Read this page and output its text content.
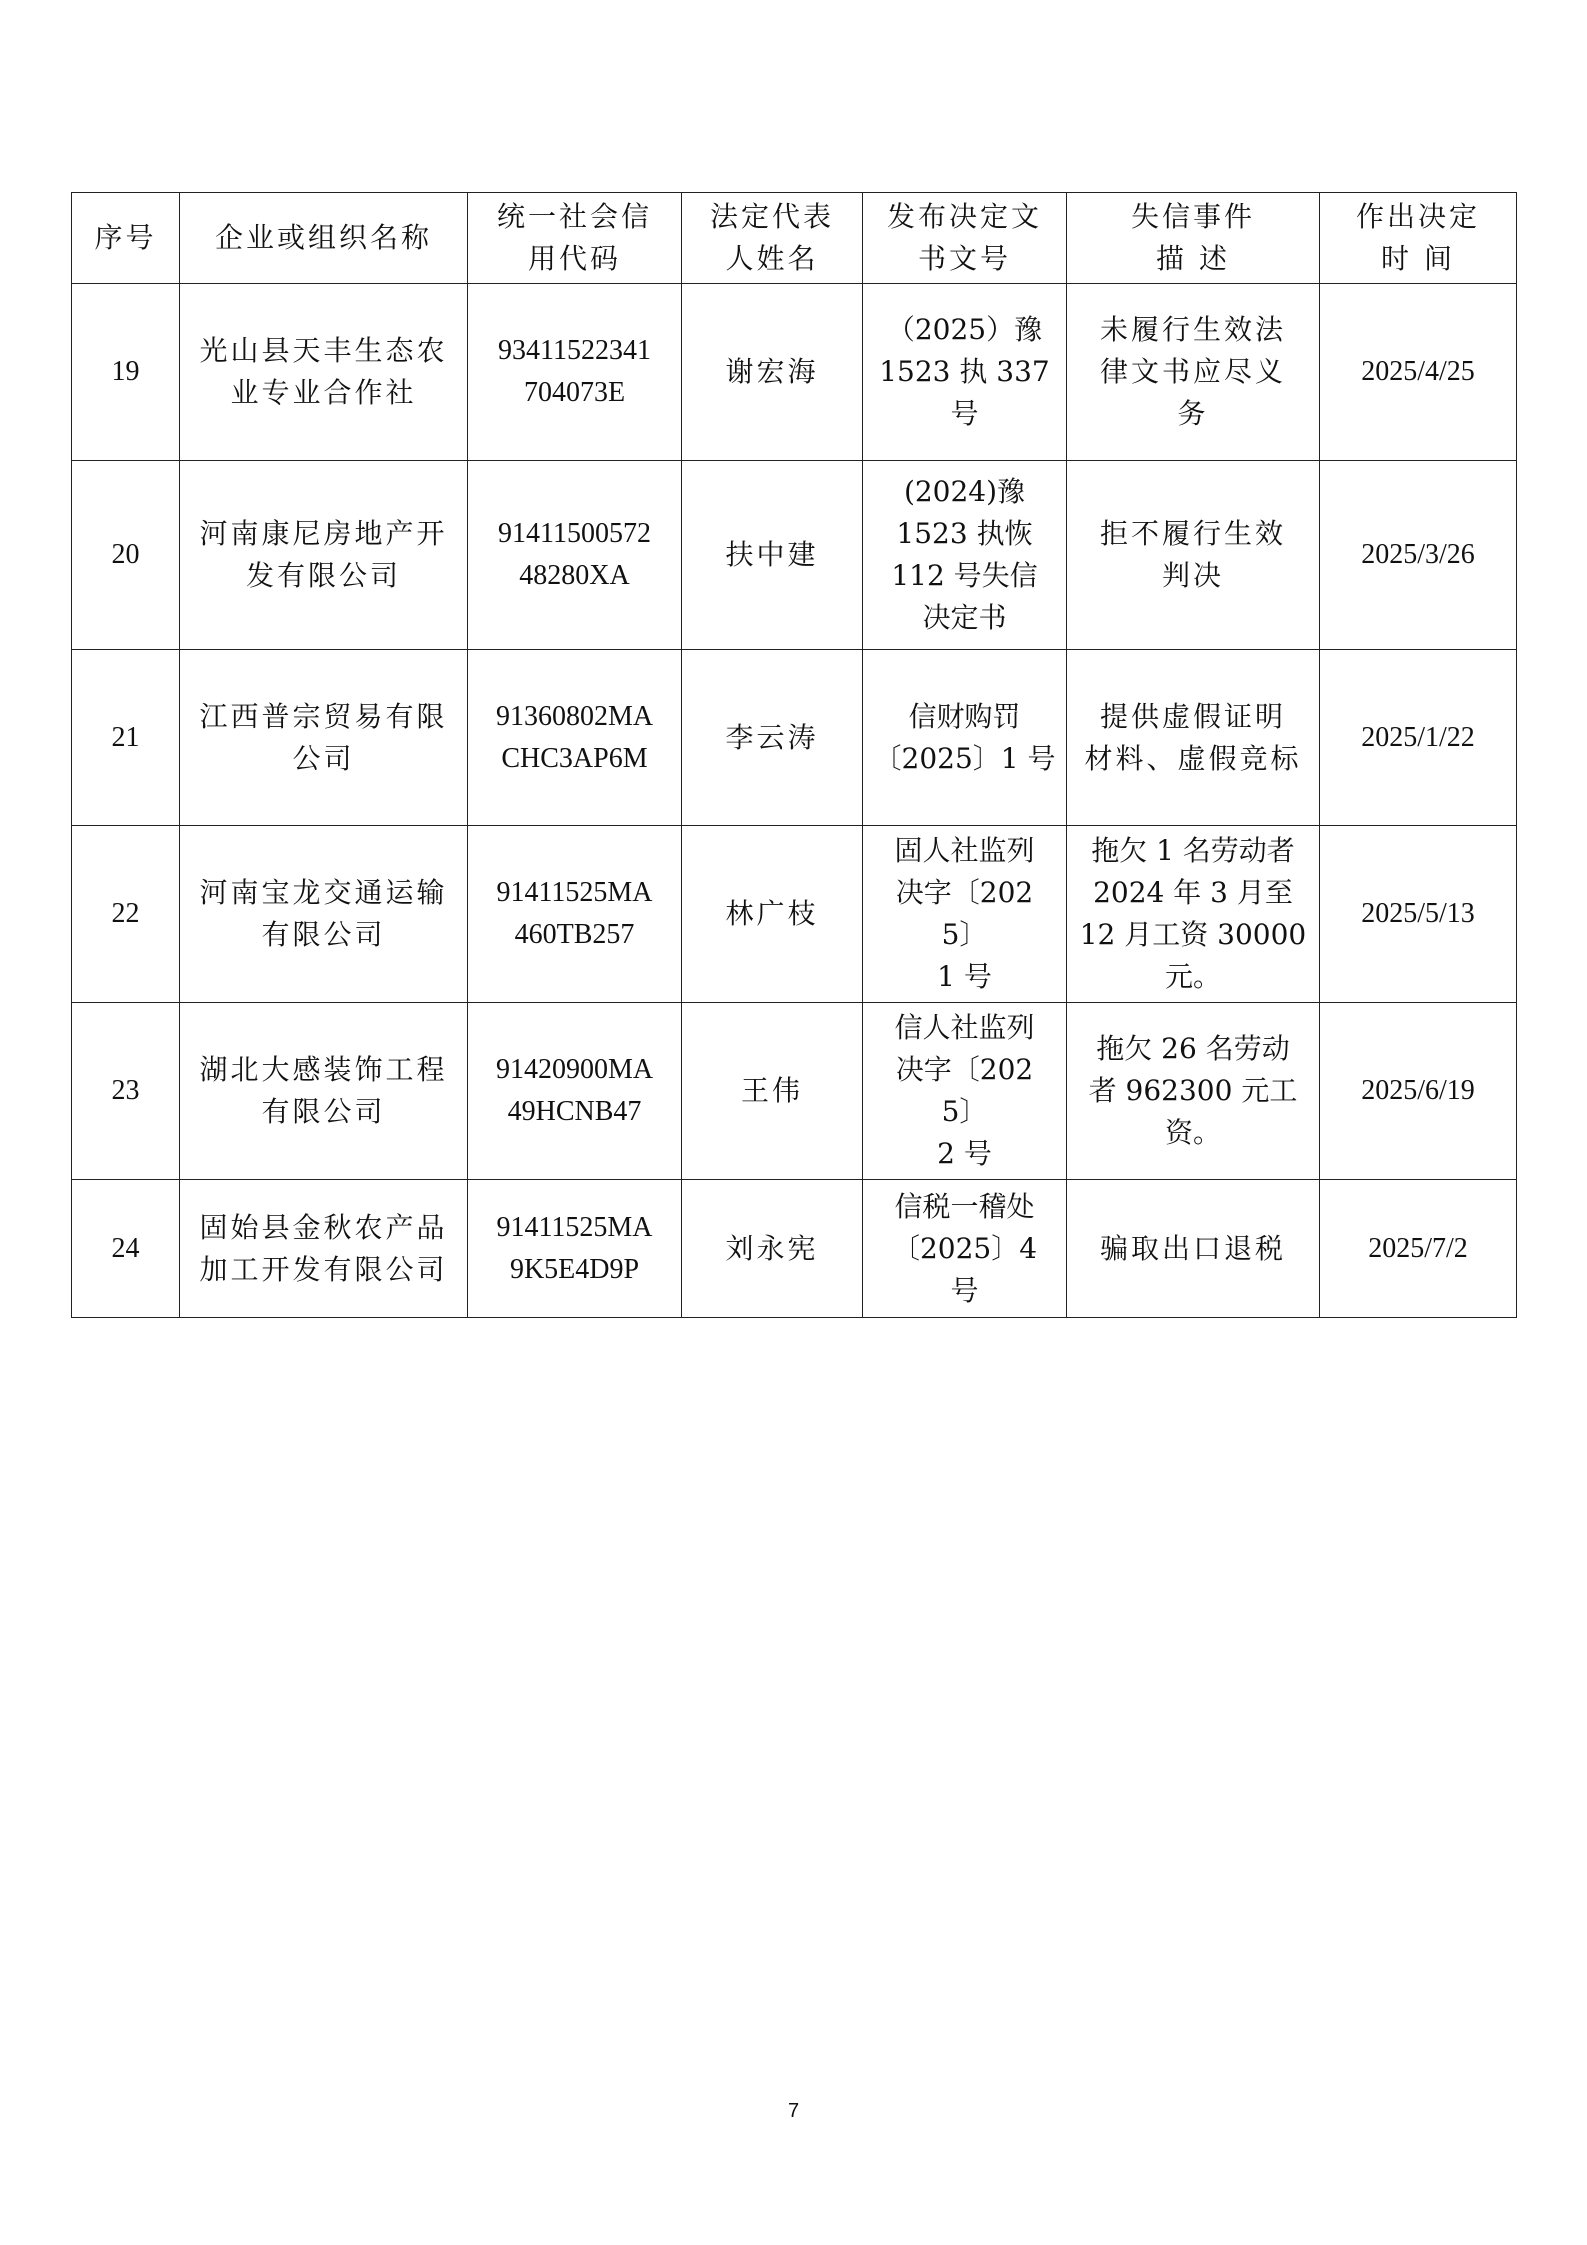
序号	企业或组织名称	统一社会信
用代码	法定代表
人姓名	发布决定文
书文号	失信事件
描 述	作出决定
时 间
19	光山县天丰生态农
业专业合作社	93411522341
704073E	谢宏海	（2025）豫
1523 执 337
号	未履行生效法
律文书应尽义
务	2025/4/25
20	河南康尼房地产开
发有限公司	91411500572
48280XA	扶中建	(2024)豫
1523 执恢
112 号失信
决定书	拒不履行生效
判决	2025/3/26
21	江西普宗贸易有限
公司	91360802MA
CHC3AP6M	李云涛	信财购罚
〔2025〕1 号	提供虚假证明
材料、虚假竞标	2025/1/22
22	河南宝龙交通运输
有限公司	91411525MA
460TB257	林广枝	固人社监列
决字〔2025〕
1 号	拖欠 1 名劳动者
2024 年 3 月至
12 月工资 30000
元。	2025/5/13
23	湖北大感装饰工程
有限公司	91420900MA
49HCNB47	王伟	信人社监列
决字〔2025〕
2 号	拖欠 26 名劳动
者 962300 元工
资。	2025/6/19
24	固始县金秋农产品
加工开发有限公司	91411525MA
9K5E4D9P	刘永宪	信税一稽处
〔2025〕4
号	骗取出口退税	2025/7/2
7
